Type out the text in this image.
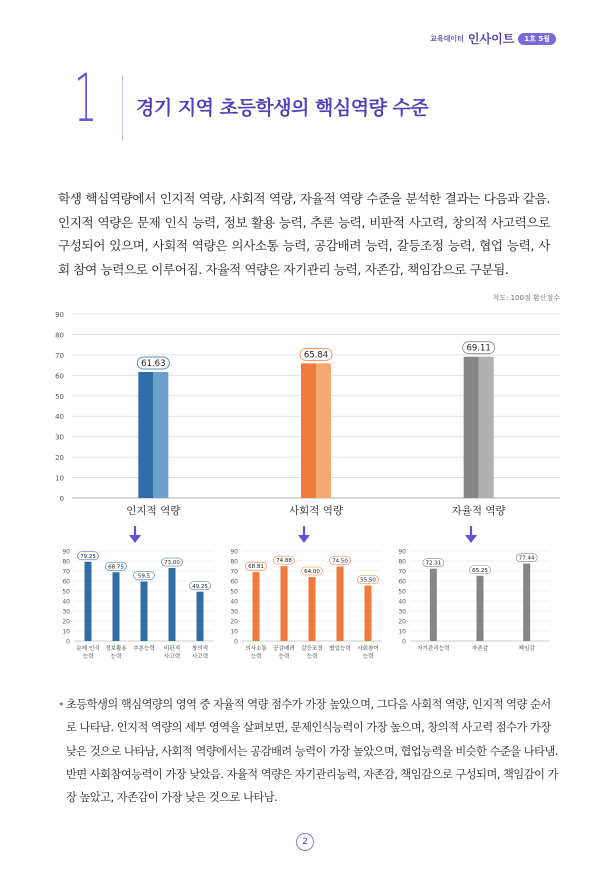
교육데이터 인사이트	1호 5월
1 경기 지역 초등학생의 핵심역량 수준
학생 핵심역량에서 인지적 역량, 사회적 역량, 자율적 역량 수준을 분석한 결과는 다음과 같음. 인지적 역량은 문제 인식 능력, 정보 활용 능력, 추론 능력, 비판적 사고력, 창의적 사고력으로 구성되어 있으며, 사회적 역량은 의사소통 능력, 공감배려 능력, 갈등조정 능력, 협업 능력, 사회 참여 능력으로 이루어짐. 자율적 역량은 자기관리 능력, 자존감, 책임감으로 구분됨.
척도: 100점 환산점수
0
10
20
30
40
50
60
70
80
90
61.63
인지적 역량
65.84
사회적 역량
69.11
자율적 역량
0
10
20
30
40
50
60
70
80
90
79.25
문제 인식
능력
68.75
정보활용
능력
59.5
추론능력
73.00
비판적
사고력
49.25
창의적
사고력
0
10
20
30
40
50
60
70
80
90
68.81
의사소통
능력
74.88
공감배려
능력
64.00
갈등조정
능력
74.50
협업능력
55.50
사회참여
능력
0
10
20
30
40
50
60
70
80
90
72.31
자기관리능력
65.25
자존감
77.44
책임감
• 초등학생의 핵심역량의 영역 중 자율적 역량 점수가 가장 높았으며, 그다음 사회적 역량, 인지적 역량 순서로 나타남. 인지적 역량의 세부 영역을 살펴보면, 문제인식능력이 가장 높으며, 창의적 사고력 점수가 가장 낮은 것으로 나타남, 사회적 역량에서는 공감배려 능력이 가장 높았으며, 협업능력을 비슷한 수준을 나타냄. 반면 사회참여능력이 가장 낮았음. 자율적 역량은 자기관리능력, 자존감, 책임감으로 구성되며, 책임감이 가장 높았고, 자존감이 가장 낮은 것으로 나타남.
2
